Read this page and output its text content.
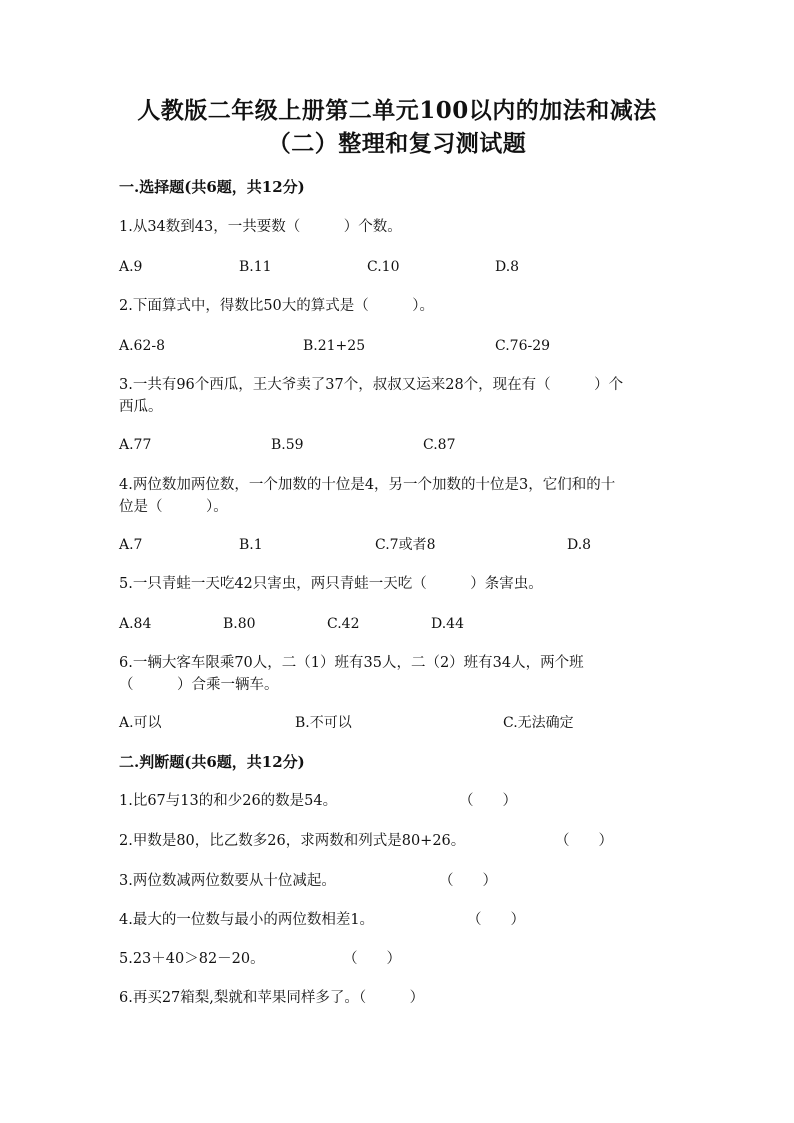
人教版二年级上册第二单元100以内的加法和减法
（二）整理和复习测试题
一.选择题(共6题，共12分)
1.从34数到43，一共要数（　　　）个数。
A.9	B.11	C.10	D.8
2.下面算式中，得数比50大的算式是（　　　）。
A.62-8	B.21+25	C.76-29
3.一共有96个西瓜，王大爷卖了37个，叔叔又运来28个，现在有（　　　）个
西瓜。
A.77	B.59	C.87
4.两位数加两位数，一个加数的十位是4，另一个加数的十位是3，它们和的十
位是（　　　）。
A.7	B.1	C.7或者8	D.8
5.一只青蛙一天吃42只害虫，两只青蛙一天吃（　　　）条害虫。
A.84	B.80	C.42	D.44
6.一辆大客车限乘70人，二（1）班有35人，二（2）班有34人，两个班
（　　　）合乘一辆车。
A.可以	B.不可以	C.无法确定
二.判断题(共6题，共12分)
1.比67与13的和少26的数是54。	（　　）
2.甲数是80，比乙数多26，求两数和列式是80+26。	（　　）
3.两位数减两位数要从十位减起。	（　　）
4.最大的一位数与最小的两位数相差1。	（　　）
5.23＋40＞82－20。	（　　）
6.再买27箱梨,梨就和苹果同样多了。（　　　）
